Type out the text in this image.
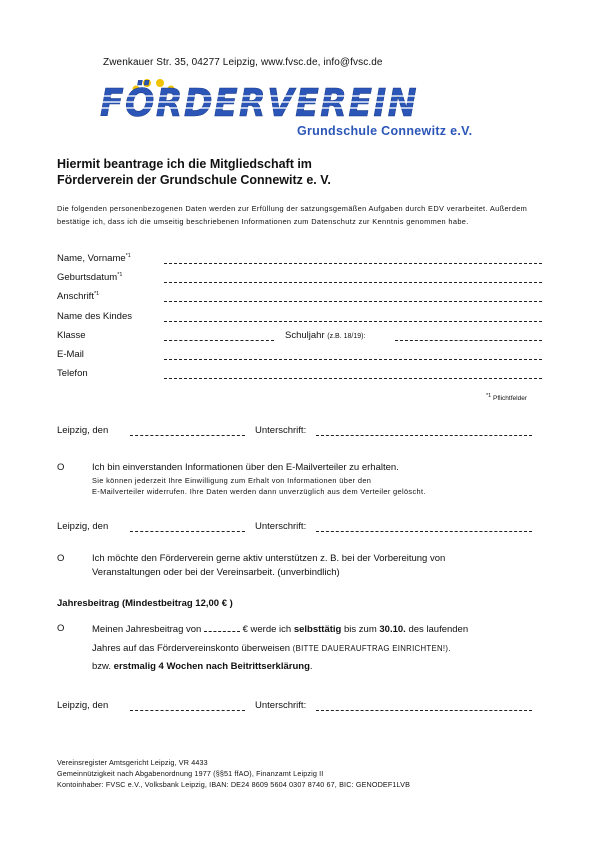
Zwenkauer Str. 35, 04277 Leipzig, www.fvsc.de, info@fvsc.de
FÖRDERVEREIN
Grundschule Connewitz e.V.
Hiermit beantrage ich die Mitgliedschaft im
Förderverein der Grundschule Connewitz e. V.
Die folgenden personenbezogenen Daten werden zur Erfüllung der satzungsgemäßen Aufgaben durch EDV verarbeitet. Außerdem bestätige ich, dass ich die umseitig beschriebenen Informationen zum Datenschutz zur Kenntnis genommen habe.
Name, Vorname$^{*1}$
Geburtsdatum$^{*1}$
Anschrift$^{*1}$
Name des Kindes
Klasse	Schuljahr (z.B. 18/19):
E-Mail
Telefon
$^{*1}$ Pflichtfelder
Leipzig, den	Unterschrift:
O	Ich bin einverstanden Informationen über den E-Mailverteiler zu erhalten.
Sie können jederzeit Ihre Einwilligung zum Erhalt von Informationen über den
E-Mailverteiler widerrufen. Ihre Daten werden dann unverzüglich aus dem Verteiler gelöscht.
Leipzig, den	Unterschrift:
O	Ich möchte den Förderverein gerne aktiv unterstützen z. B. bei der Vorbereitung von
Veranstaltungen oder bei der Vereinsarbeit. (unverbindlich)
Jahresbeitrag (Mindestbeitrag 12,00 € )
O	Meinen Jahresbeitrag von	€ werde ich selbsttätig bis zum 30.10. des laufenden
Jahres auf das Fördervereinskonto überweisen (BITTE DAUERAUFTRAG EINRICHTEN!).
bzw. erstmalig 4 Wochen nach Beitrittserklärung.
Leipzig, den	Unterschrift:
Vereinsregister Amtsgericht Leipzig, VR 4433
Gemeinnützigkeit nach Abgabenordnung 1977 (§§51 ffAO), Finanzamt Leipzig II
Kontoinhaber: FVSC e.V., Volksbank Leipzig, IBAN: DE24 8609 5604 0307 8740 67, BIC: GENODEF1LVB
